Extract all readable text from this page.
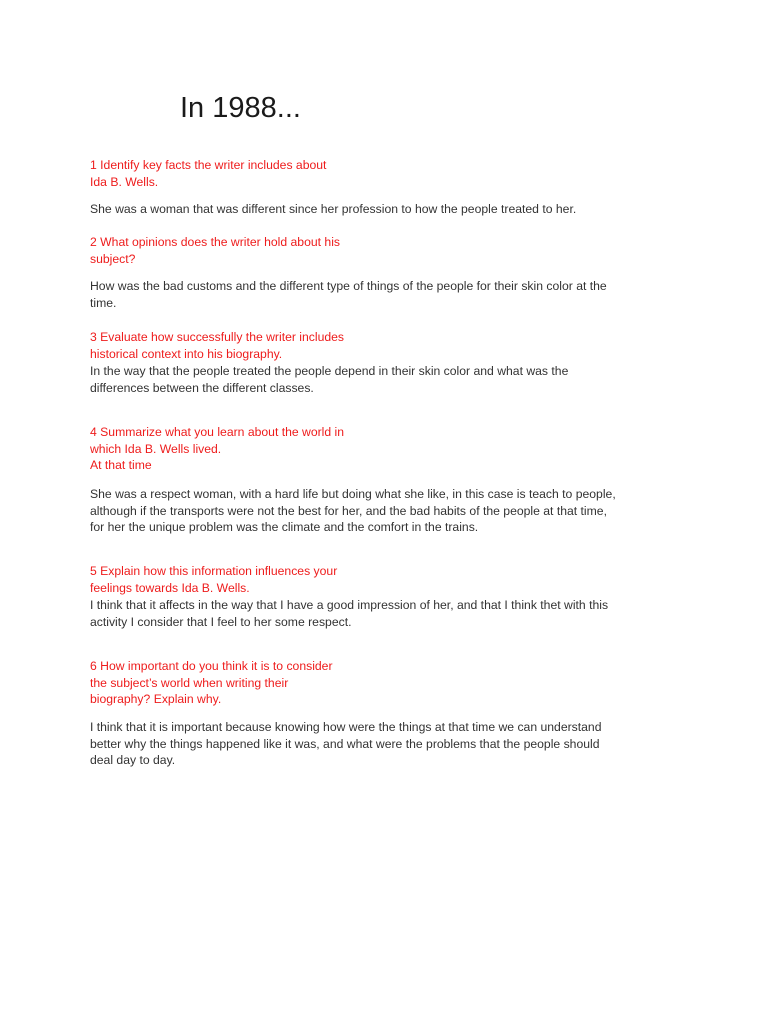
In 1988...

1 Identify key facts the writer includes about
Ida B. Wells.

She was a woman that was different since her profession to how the people treated to her.

2 What opinions does the writer hold about his
subject?

How was the bad customs and the different type of things of the people for their skin color at the
time.

3 Evaluate how successfully the writer includes
historical context into his biography.

In the way that the people treated the people depend in their skin color and what was the
differences between the different classes.

4 Summarize what you learn about the world in
which Ida B. Wells lived.
At that time

She was a respect woman, with a hard life but doing what she like, in this case is teach to people,
although if the transports were not the best for her, and the bad habits of the people at that time,
for her the unique problem was the climate and the comfort in the trains.

5 Explain how this information influences your
feelings towards Ida B. Wells.

I think that it affects in the way that I have a good impression of her, and that I think thet with this
activity I consider that I feel to her some respect.

6 How important do you think it is to consider
the subject’s world when writing their
biography? Explain why.

I think that it is important because knowing how were the things at that time we can understand
better why the things happened like it was, and what were the problems that the people should
deal day to day.
